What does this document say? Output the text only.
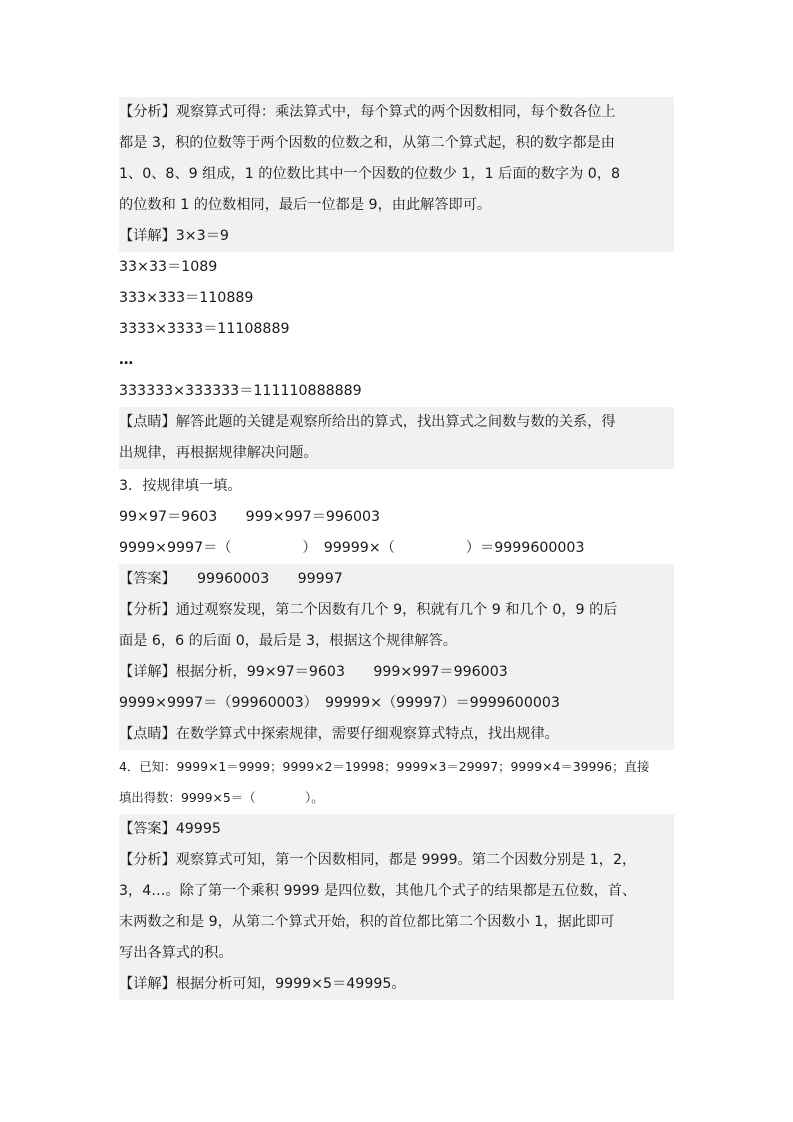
【分析】观察算式可得：乘法算式中，每个算式的两个因数相同，每个数各位上
都是 3，积的位数等于两个因数的位数之和，从第二个算式起，积的数字都是由
1、0、8、9 组成，1 的位数比其中一个因数的位数少 1，1 后面的数字为 0，8
的位数和 1 的位数相同，最后一位都是 9，由此解答即可。
【详解】3×3＝9
33×33＝1089
333×333＝110889
3333×3333＝11108889
…
333333×333333＝111110888889
【点睛】解答此题的关键是观察所给出的算式，找出算式之间数与数的关系，得
出规律，再根据规律解决问题。
3．按规律填一填。
99×97＝9603　　999×997＝996003
9999×9997＝（　　　　　）　99999×（　　　　　）＝9999600003
【答案】　　99960003　　99997
【分析】通过观察发现，第二个因数有几个 9，积就有几个 9 和几个 0，9 的后
面是 6，6 的后面 0，最后是 3，根据这个规律解答。
【详解】根据分析，99×97＝9603　　999×997＝996003
9999×9997＝（99960003）　99999×（99997）＝9999600003
【点睛】在数学算式中探索规律，需要仔细观察算式特点，找出规律。
4．已知：9999×1＝9999；9999×2＝19998；9999×3＝29997；9999×4＝39996；直接
填出得数：9999×5＝（　　　　）。
【答案】49995
【分析】观察算式可知，第一个因数相同，都是 9999。第二个因数分别是 1，2，
3，4…。除了第一个乘积 9999 是四位数，其他几个式子的结果都是五位数，首、
末两数之和是 9，从第二个算式开始，积的首位都比第二个因数小 1，据此即可
写出各算式的积。
【详解】根据分析可知，9999×5＝49995。
